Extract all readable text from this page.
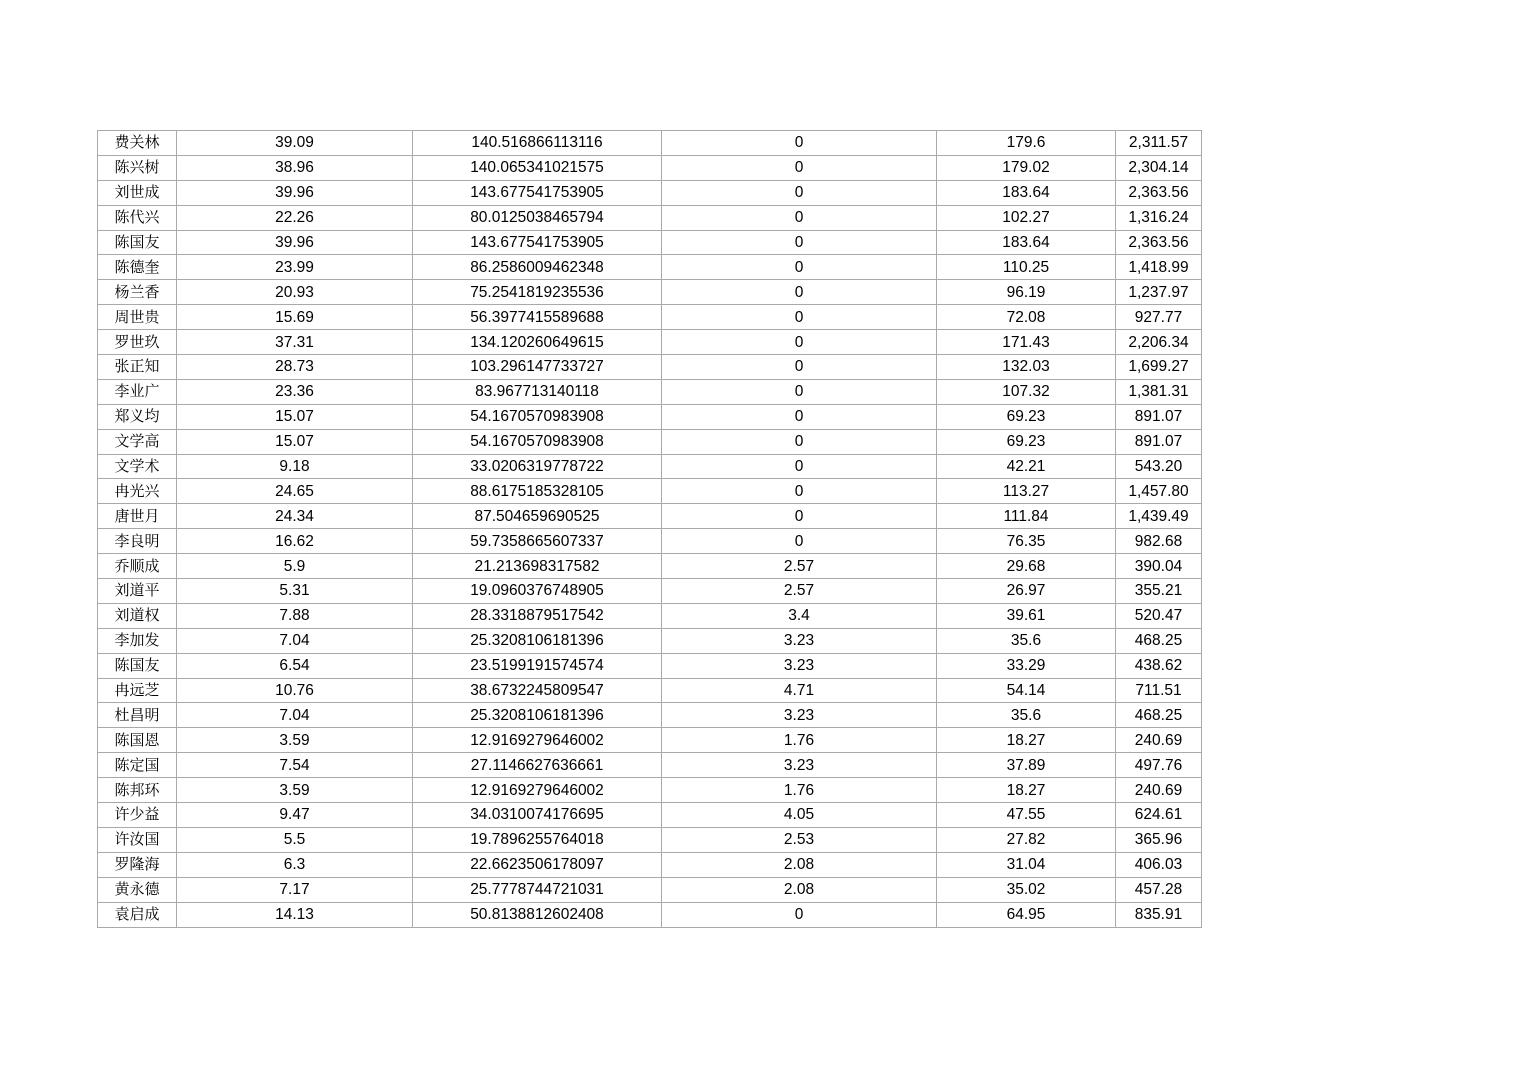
费关林	39.09	140.516866113116	0	179.6	2,311.57
陈兴树	38.96	140.065341021575	0	179.02	2,304.14
刘世成	39.96	143.677541753905	0	183.64	2,363.56
陈代兴	22.26	80.0125038465794	0	102.27	1,316.24
陈国友	39.96	143.677541753905	0	183.64	2,363.56
陈德奎	23.99	86.2586009462348	0	110.25	1,418.99
杨兰香	20.93	75.2541819235536	0	96.19	1,237.97
周世贵	15.69	56.3977415589688	0	72.08	927.77
罗世玖	37.31	134.120260649615	0	171.43	2,206.34
张正知	28.73	103.296147733727	0	132.03	1,699.27
李业广	23.36	83.967713140118	0	107.32	1,381.31
郑义均	15.07	54.1670570983908	0	69.23	891.07
文学高	15.07	54.1670570983908	0	69.23	891.07
文学术	9.18	33.0206319778722	0	42.21	543.20
冉光兴	24.65	88.6175185328105	0	113.27	1,457.80
唐世月	24.34	87.504659690525	0	111.84	1,439.49
李良明	16.62	59.7358665607337	0	76.35	982.68
乔顺成	5.9	21.213698317582	2.57	29.68	390.04
刘道平	5.31	19.0960376748905	2.57	26.97	355.21
刘道权	7.88	28.3318879517542	3.4	39.61	520.47
李加发	7.04	25.3208106181396	3.23	35.6	468.25
陈国友	6.54	23.5199191574574	3.23	33.29	438.62
冉远芝	10.76	38.6732245809547	4.71	54.14	711.51
杜昌明	7.04	25.3208106181396	3.23	35.6	468.25
陈国恩	3.59	12.9169279646002	1.76	18.27	240.69
陈定国	7.54	27.1146627636661	3.23	37.89	497.76
陈邦环	3.59	12.9169279646002	1.76	18.27	240.69
许少益	9.47	34.0310074176695	4.05	47.55	624.61
许汝国	5.5	19.7896255764018	2.53	27.82	365.96
罗隆海	6.3	22.6623506178097	2.08	31.04	406.03
黄永德	7.17	25.7778744721031	2.08	35.02	457.28
袁启成	14.13	50.8138812602408	0	64.95	835.91
